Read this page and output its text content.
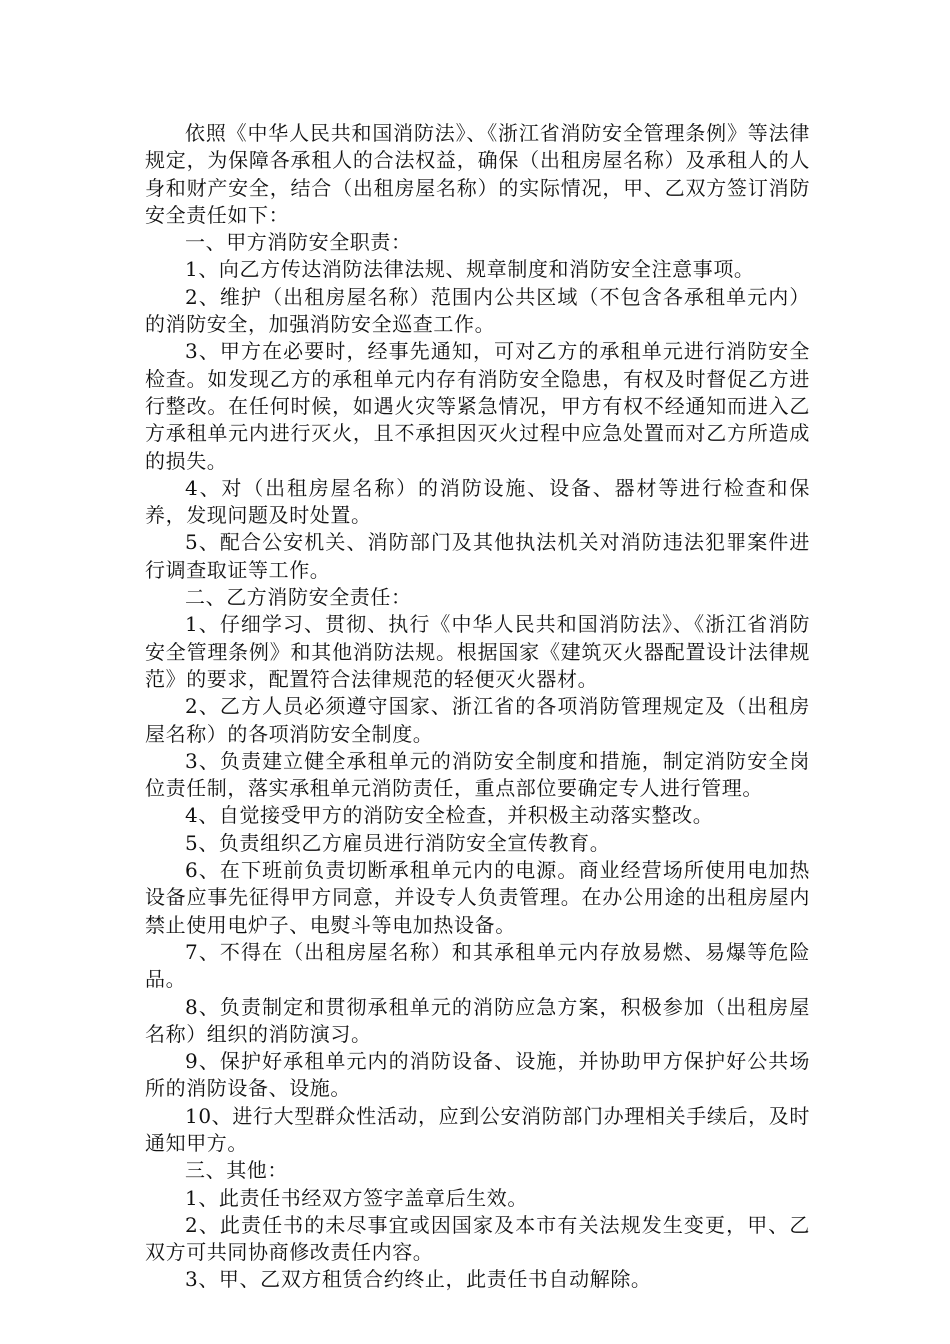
依照《中华人民共和国消防法》、《浙江省消防安全管理条例》等法律规定，为保障各承租人的合法权益，确保（出租房屋名称）及承租人的人身和财产安全，结合（出租房屋名称）的实际情况，甲、乙双方签订消防安全责任如下：

一、甲方消防安全职责：

1、向乙方传达消防法律法规、规章制度和消防安全注意事项。

2、维护（出租房屋名称）范围内公共区域（不包含各承租单元内）的消防安全，加强消防安全巡查工作。

3、甲方在必要时，经事先通知，可对乙方的承租单元进行消防安全检查。如发现乙方的承租单元内存有消防安全隐患，有权及时督促乙方进行整改。在任何时候，如遇火灾等紧急情况，甲方有权不经通知而进入乙方承租单元内进行灭火，且不承担因灭火过程中应急处置而对乙方所造成的损失。

4、对（出租房屋名称）的消防设施、设备、器材等进行检查和保养，发现问题及时处置。

5、配合公安机关、消防部门及其他执法机关对消防违法犯罪案件进行调查取证等工作。

二、乙方消防安全责任：

1、仔细学习、贯彻、执行《中华人民共和国消防法》、《浙江省消防安全管理条例》和其他消防法规。根据国家《建筑灭火器配置设计法律规范》的要求，配置符合法律规范的轻便灭火器材。

2、乙方人员必须遵守国家、浙江省的各项消防管理规定及（出租房屋名称）的各项消防安全制度。

3、负责建立健全承租单元的消防安全制度和措施，制定消防安全岗位责任制，落实承租单元消防责任，重点部位要确定专人进行管理。

4、自觉接受甲方的消防安全检查，并积极主动落实整改。

5、负责组织乙方雇员进行消防安全宣传教育。

6、在下班前负责切断承租单元内的电源。商业经营场所使用电加热设备应事先征得甲方同意，并设专人负责管理。在办公用途的出租房屋内禁止使用电炉子、电熨斗等电加热设备。

7、不得在（出租房屋名称）和其承租单元内存放易燃、易爆等危险品。

8、负责制定和贯彻承租单元的消防应急方案，积极参加（出租房屋名称）组织的消防演习。

9、保护好承租单元内的消防设备、设施，并协助甲方保护好公共场所的消防设备、设施。

10、进行大型群众性活动，应到公安消防部门办理相关手续后，及时通知甲方。

三、其他：

1、此责任书经双方签字盖章后生效。

2、此责任书的未尽事宜或因国家及本市有关法规发生变更，甲、乙双方可共同协商修改责任内容。

3、甲、乙双方租赁合约终止，此责任书自动解除。
